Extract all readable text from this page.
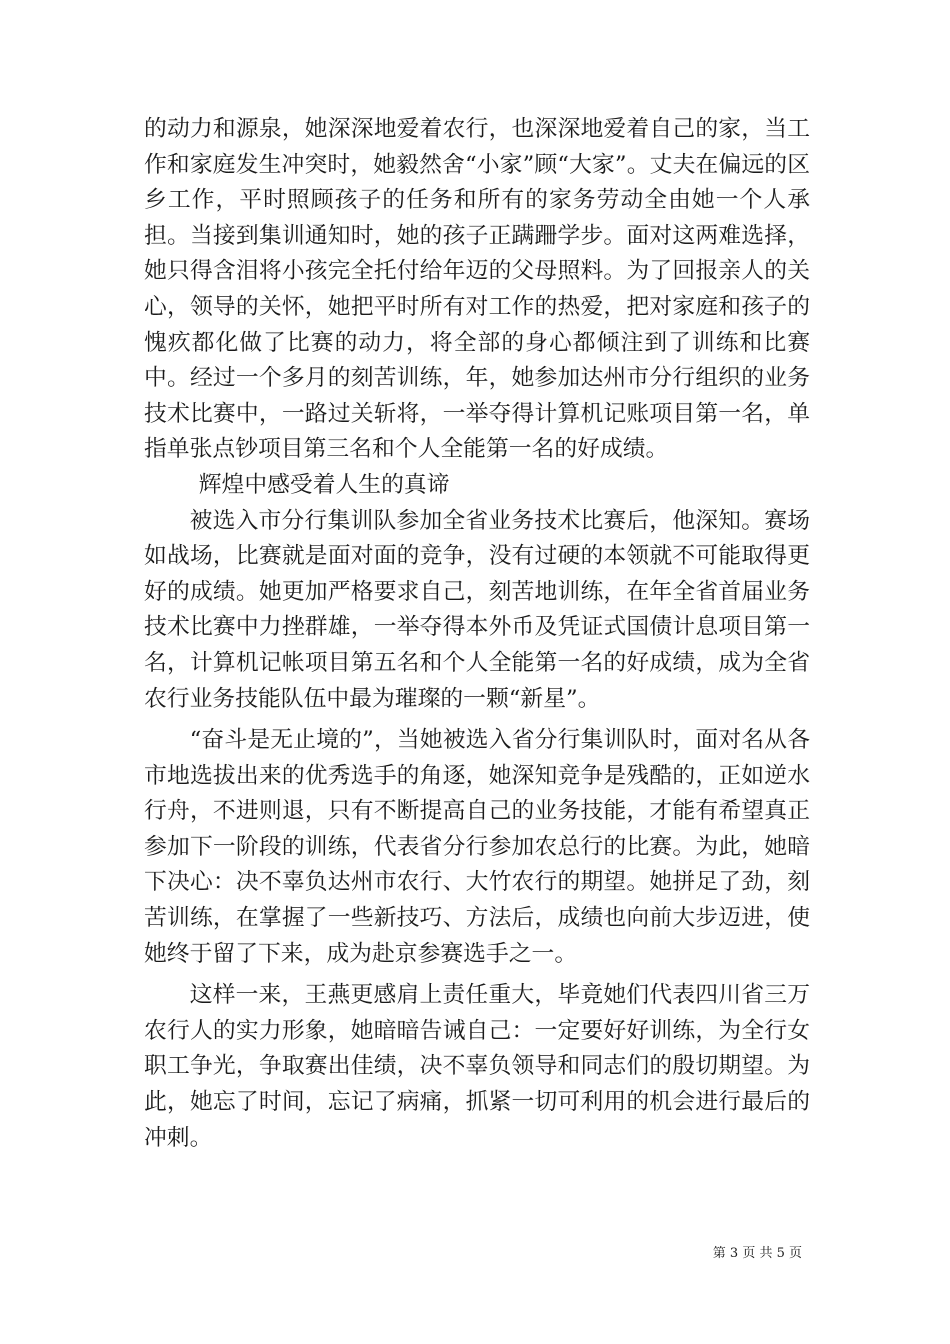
的动力和源泉，她深深地爱着农行，也深深地爱着自己的家，当工作和家庭发生冲突时，她毅然舍“小家”顾“大家”。丈夫在偏远的区乡工作，平时照顾孩子的任务和所有的家务劳动全由她一个人承担。当接到集训通知时，她的孩子正蹒跚学步。面对这两难选择，她只得含泪将小孩完全托付给年迈的父母照料。为了回报亲人的关心，领导的关怀，她把平时所有对工作的热爱，把对家庭和孩子的愧疚都化做了比赛的动力，将全部的身心都倾注到了训练和比赛中。经过一个多月的刻苦训练，年，她参加达州市分行组织的业务技术比赛中，一路过关斩将，一举夺得计算机记账项目第一名，单指单张点钞项目第三名和个人全能第一名的好成绩。

辉煌中感受着人生的真谛

被选入市分行集训队参加全省业务技术比赛后，他深知。赛场如战场，比赛就是面对面的竞争，没有过硬的本领就不可能取得更好的成绩。她更加严格要求自己，刻苦地训练，在年全省首届业务技术比赛中力挫群雄，一举夺得本外币及凭证式国债计息项目第一名，计算机记帐项目第五名和个人全能第一名的好成绩，成为全省农行业务技能队伍中最为璀璨的一颗“新星”。

“奋斗是无止境的”，当她被选入省分行集训队时，面对名从各市地选拔出来的优秀选手的角逐，她深知竞争是残酷的，正如逆水行舟，不进则退，只有不断提高自己的业务技能，才能有希望真正参加下一阶段的训练，代表省分行参加农总行的比赛。为此，她暗下决心：决不辜负达州市农行、大竹农行的期望。她拼足了劲，刻苦训练，在掌握了一些新技巧、方法后，成绩也向前大步迈进，使她终于留了下来，成为赴京参赛选手之一。

这样一来，王燕更感肩上责任重大，毕竟她们代表四川省三万农行人的实力形象，她暗暗告诫自己：一定要好好训练，为全行女职工争光，争取赛出佳绩，决不辜负领导和同志们的殷切期望。为此，她忘了时间，忘记了病痛，抓紧一切可利用的机会进行最后的冲刺。

第 3 页 共 5 页
